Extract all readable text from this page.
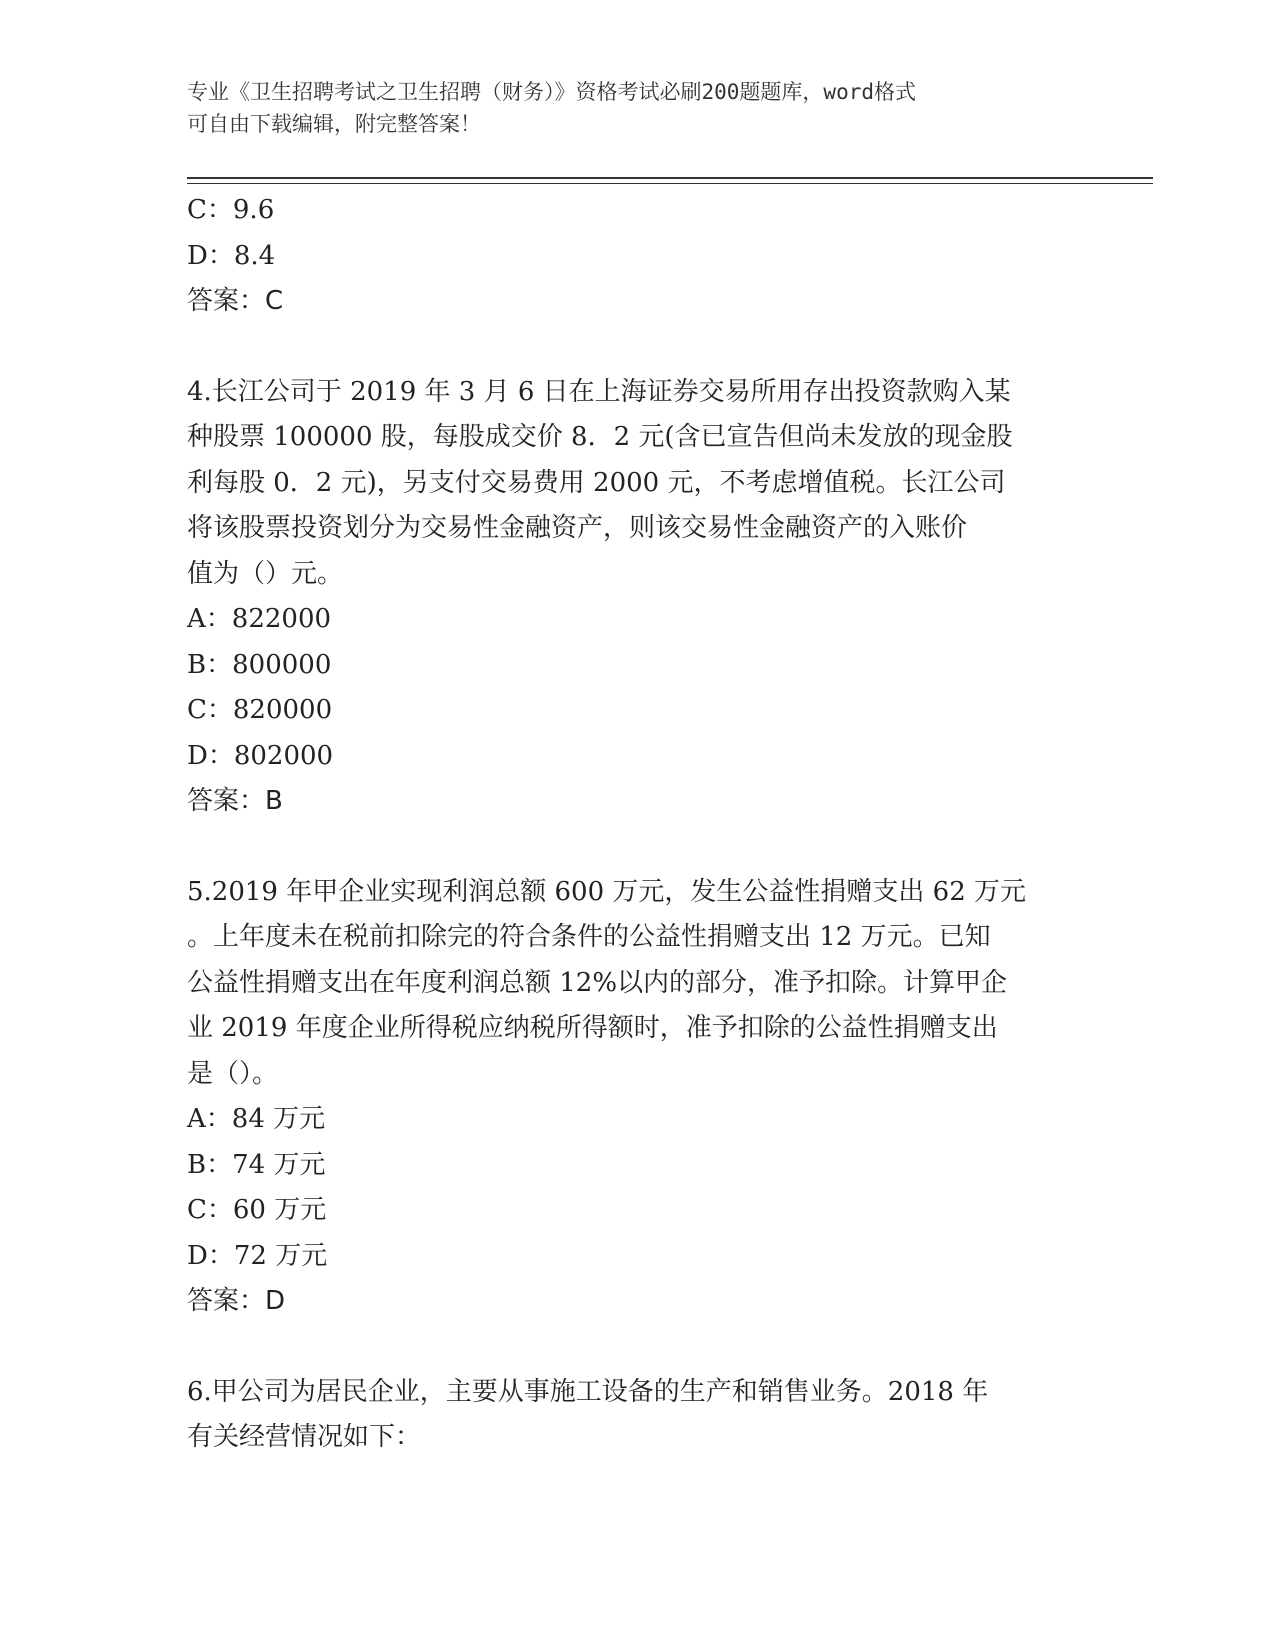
专业《卫生招聘考试之卫生招聘（财务）》资格考试必刷200题题库，word格式
可自由下载编辑，附完整答案！
C：9.6
D：8.4
答案：C
4.长江公司于 2019 年 3 月 6 日在上海证券交易所用存出投资款购入某
种股票 100000 股，每股成交价 8．2 元(含已宣告但尚未发放的现金股
利每股 0．2 元)，另支付交易费用 2000 元，不考虑增值税。长江公司
将该股票投资划分为交易性金融资产，则该交易性金融资产的入账价
值为（）元。
A：822000
B：800000
C：820000
D：802000
答案：B
5.2019 年甲企业实现利润总额 600 万元，发生公益性捐赠支出 62 万元
。上年度未在税前扣除完的符合条件的公益性捐赠支出 12 万元。已知
公益性捐赠支出在年度利润总额 12%以内的部分，准予扣除。计算甲企
业 2019 年度企业所得税应纳税所得额时，准予扣除的公益性捐赠支出
是（）。
A：84 万元
B：74 万元
C：60 万元
D：72 万元
答案：D
6.甲公司为居民企业，主要从事施工设备的生产和销售业务。2018 年
有关经营情况如下：
